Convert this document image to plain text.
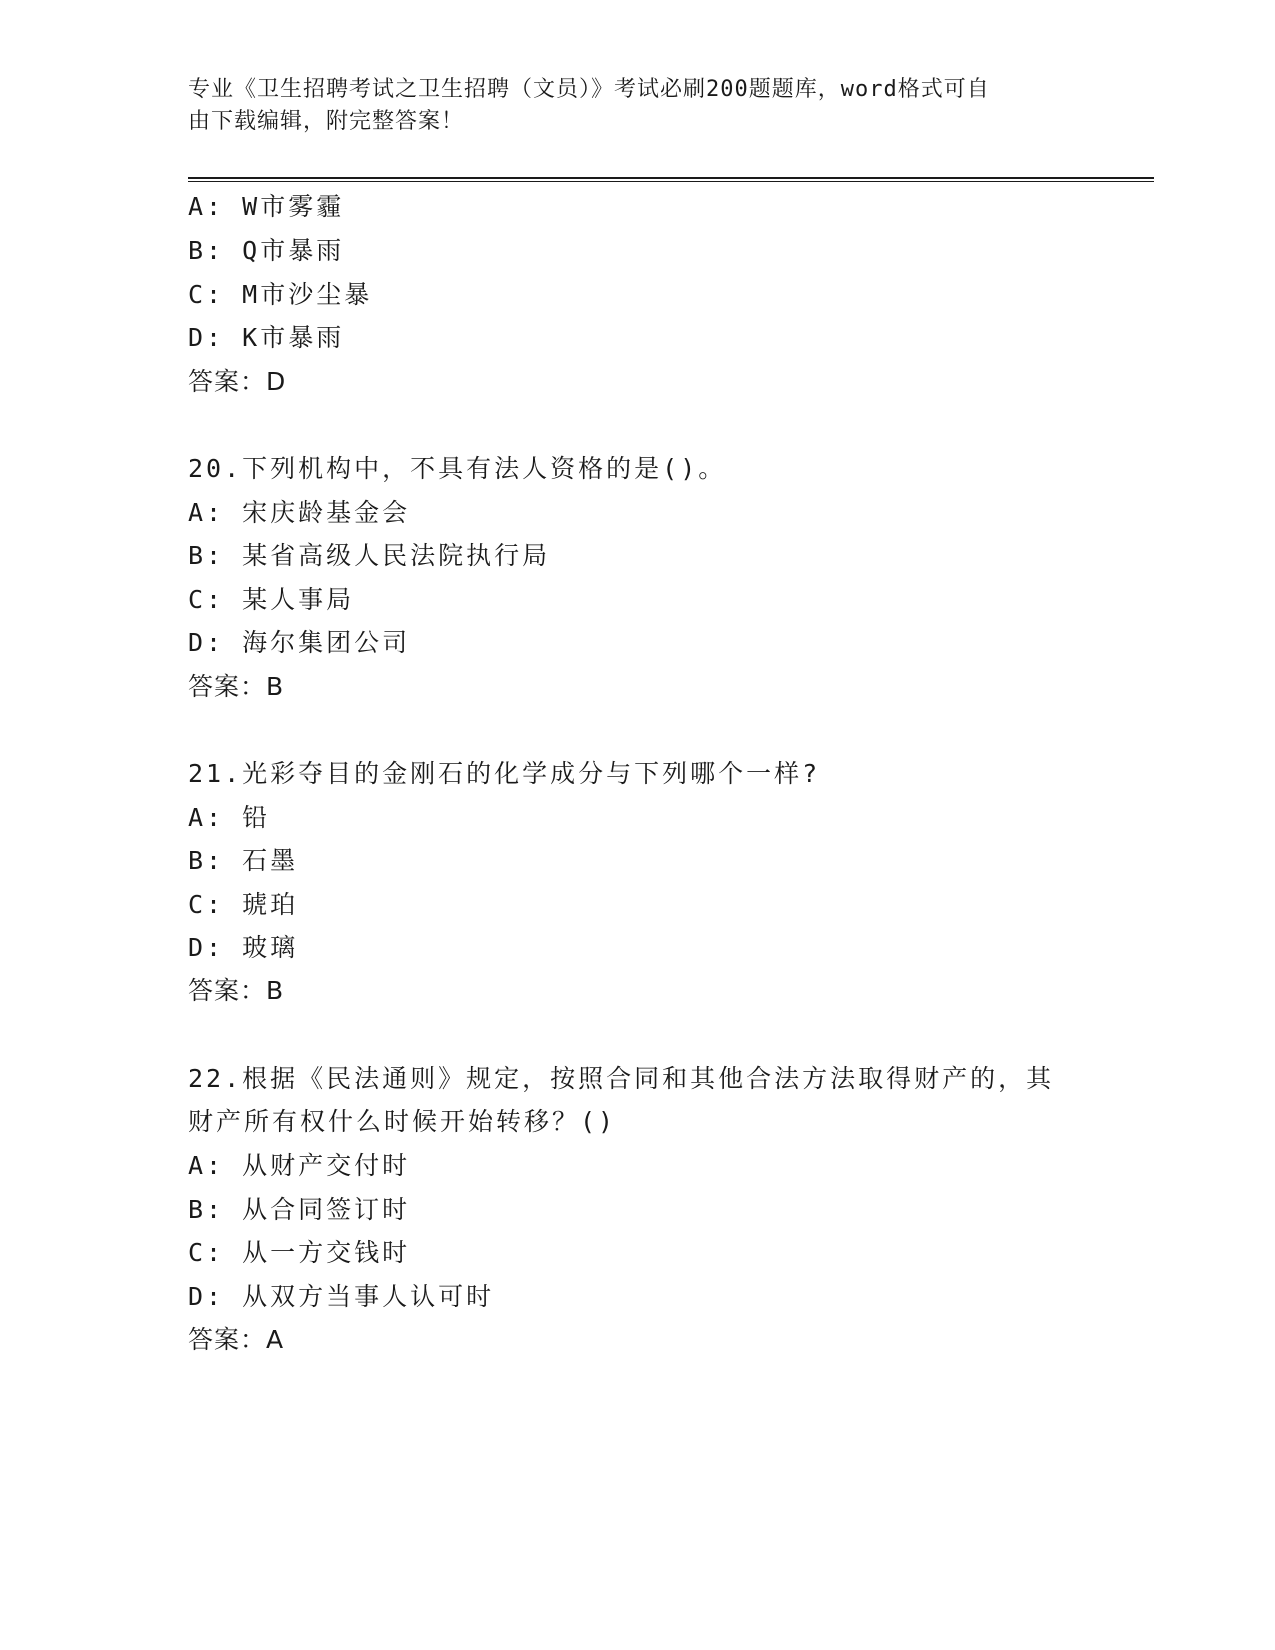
专业《卫生招聘考试之卫生招聘（文员）》考试必刷200题题库，word格式可自
由下载编辑，附完整答案！
A: W市雾霾
B: Q市暴雨
C: M市沙尘暴
D: K市暴雨
答案：D
20.下列机构中，不具有法人资格的是()。
A: 宋庆龄基金会
B: 某省高级人民法院执行局
C: 某人事局
D: 海尔集团公司
答案：B
21.光彩夺目的金刚石的化学成分与下列哪个一样?
A: 铅
B: 石墨
C: 琥珀
D: 玻璃
答案：B
22.根据《民法通则》规定，按照合同和其他合法方法取得财产的，其
财产所有权什么时候开始转移？()
A: 从财产交付时
B: 从合同签订时
C: 从一方交钱时
D: 从双方当事人认可时
答案：A
